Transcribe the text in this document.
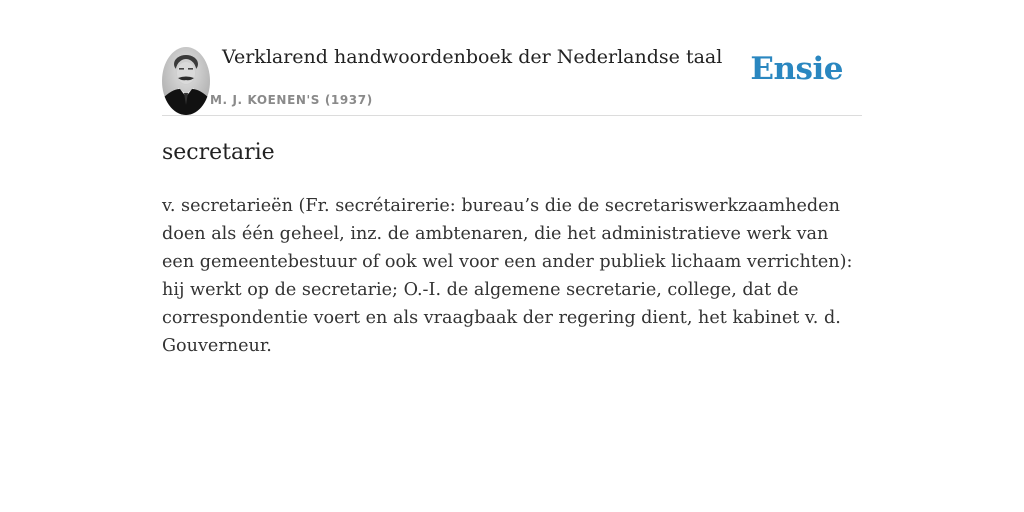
Verklarend handwoordenboek der Nederlandse taal
M. J. KOENEN'S (1937)
Ensie
secretarie

v. secretarieën (Fr. secrétairerie: bureau’s die de secretariswerkzaamheden doen als één geheel, inz. de ambtenaren, die het administratieve werk van een gemeentebestuur of ook wel voor een ander publiek lichaam verrichten): hij werkt op de secretarie; O.-I. de algemene secretarie, college, dat de correspondentie voert en als vraagbaak der regering dient, het kabinet v. d. Gouverneur.
